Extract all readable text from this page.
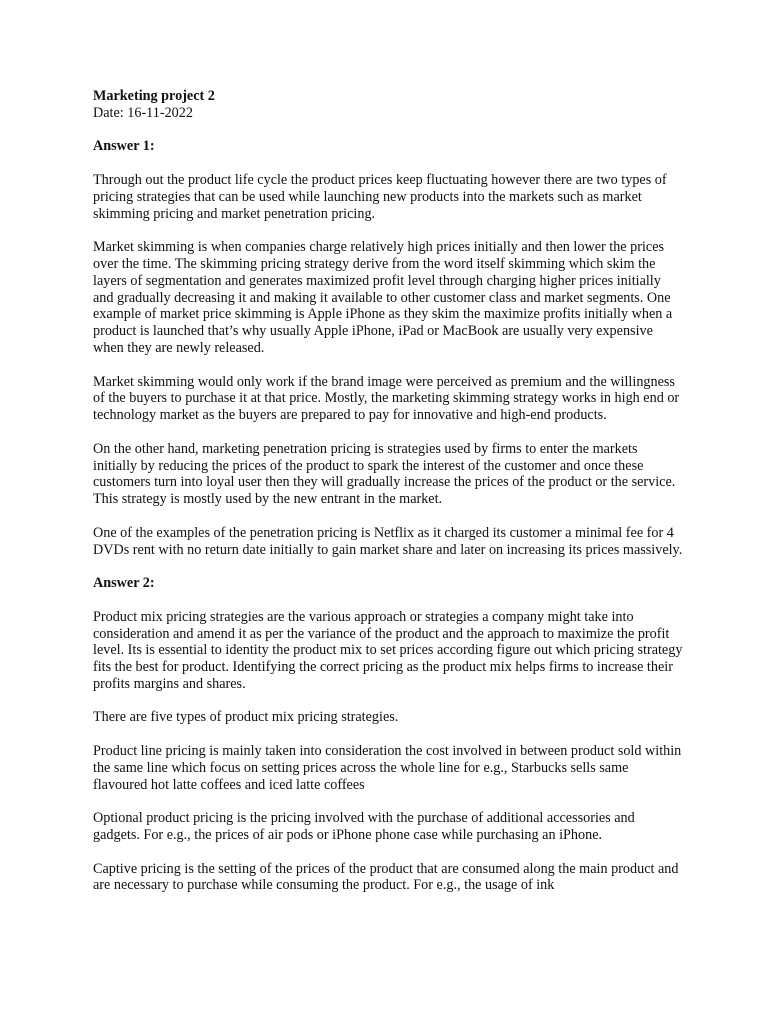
Marketing project 2
Date: 16-11-2022
Answer 1:

Through out the product life cycle the product prices keep fluctuating however there are two types of pricing strategies that can be used while launching new products into the markets such as market skimming pricing and market penetration pricing.

Market skimming is when companies charge relatively high prices initially and then lower the prices over the time. The skimming pricing strategy derive from the word itself skimming which skim the layers of segmentation and generates maximized profit level through charging higher prices initially and gradually decreasing it and making it available to other customer class and market segments. One example of market price skimming is Apple iPhone as they skim the maximize profits initially when a product is launched that’s why usually Apple iPhone, iPad or MacBook are usually very expensive when they are newly released.

Market skimming would only work if the brand image were perceived as premium and the willingness of the buyers to purchase it at that price. Mostly, the marketing skimming strategy works in high end or technology market as the buyers are prepared to pay for innovative and high-end products.

On the other hand, marketing penetration pricing is strategies used by firms to enter the markets initially by reducing the prices of the product to spark the interest of the customer and once these customers turn into loyal user then they will gradually increase the prices of the product or the service. This strategy is mostly used by the new entrant in the market.

One of the examples of the penetration pricing is Netflix as it charged its customer a minimal fee for 4 DVDs rent with no return date initially to gain market share and later on increasing its prices massively.

Answer 2:

Product mix pricing strategies are the various approach or strategies a company might take into consideration and amend it as per the variance of the product and the approach to maximize the profit level. Its is essential to identity the product mix to set prices according figure out which pricing strategy fits the best for product. Identifying the correct pricing as the product mix helps firms to increase their profits margins and shares.

There are five types of product mix pricing strategies.

Product line pricing is mainly taken into consideration the cost involved in between product sold within the same line which focus on setting prices across the whole line for e.g., Starbucks sells same flavoured hot latte coffees and iced latte coffees

Optional product pricing is the pricing involved with the purchase of additional accessories and gadgets. For e.g., the prices of air pods or iPhone phone case while purchasing an iPhone.

Captive pricing is the setting of the prices of the product that are consumed along the main product and are necessary to purchase while consuming the product. For e.g., the usage of ink
